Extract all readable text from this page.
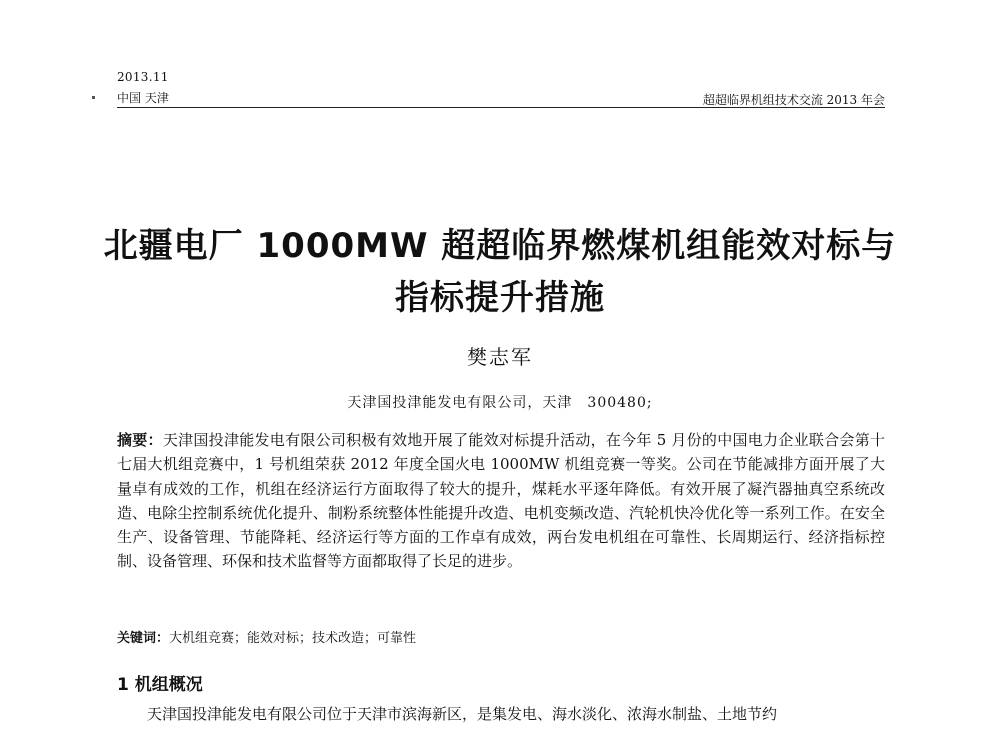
2013.11
中国 天津	超超临界机组技术交流 2013 年会
北疆电厂 1000MW 超超临界燃煤机组能效对标与
指标提升措施
樊志军
天津国投津能发电有限公司，天津　300480;
摘要：天津国投津能发电有限公司积极有效地开展了能效对标提升活动，在今年 5 月份的中国电力企业联合会第十七届大机组竞赛中，1 号机组荣获 2012 年度全国火电 1000MW 机组竞赛一等奖。公司在节能减排方面开展了大量卓有成效的工作，机组在经济运行方面取得了较大的提升，煤耗水平逐年降低。有效开展了凝汽器抽真空系统改造、电除尘控制系统优化提升、制粉系统整体性能提升改造、电机变频改造、汽轮机快冷优化等一系列工作。在安全生产、设备管理、节能降耗、经济运行等方面的工作卓有成效，两台发电机组在可靠性、长周期运行、经济指标控制、设备管理、环保和技术监督等方面都取得了长足的进步。
关键词：大机组竞赛；能效对标；技术改造；可靠性
1 机组概况
天津国投津能发电有限公司位于天津市滨海新区，是集发电、海水淡化、浓海水制盐、土地节约
